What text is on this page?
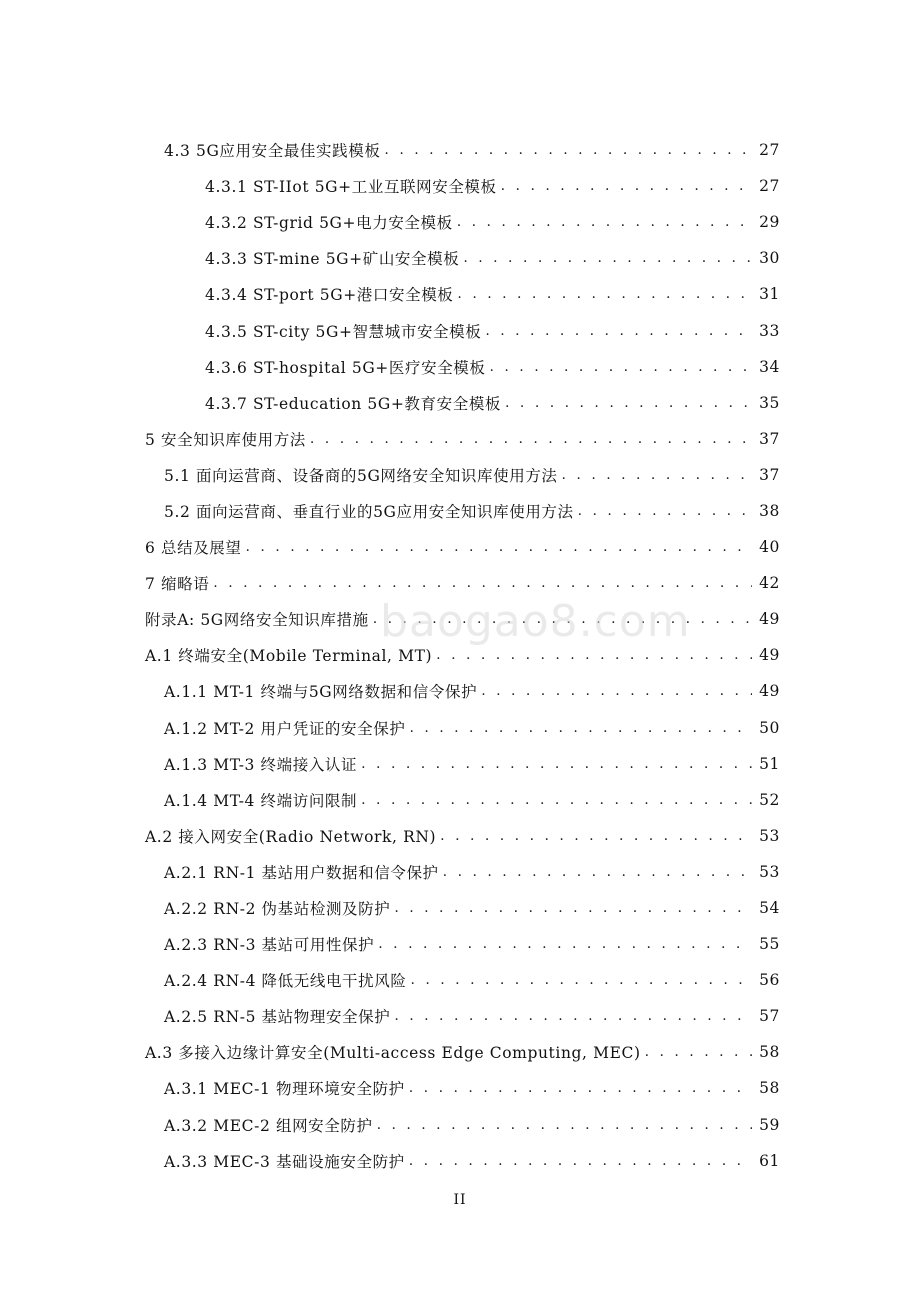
4.3 5G应用安全最佳实践模板 . . .	27
4.3.1 ST-IIot 5G+工业互联网安全模板 . . .	27
4.3.2 ST-grid 5G+电力安全模板 . . .	29
4.3.3 ST-mine 5G+矿山安全模板 . . .	30
4.3.4 ST-port 5G+港口安全模板 . . .	31
4.3.5 ST-city 5G+智慧城市安全模板 . . .	33
4.3.6 ST-hospital 5G+医疗安全模板 . . .	34
4.3.7 ST-education 5G+教育安全模板 . . .	35
5 安全知识库使用方法 . . .	37
5.1 面向运营商、设备商的5G网络安全知识库使用方法 . . .	37
5.2 面向运营商、垂直行业的5G应用安全知识库使用方法 . . .	38
6 总结及展望 . . .	40
7 缩略语 . . .	42
附录A: 5G网络安全知识库措施 . . .	49
A.1 终端安全(Mobile Terminal, MT) . . .	49
A.1.1 MT-1 终端与5G网络数据和信令保护 . . .	49
A.1.2 MT-2 用户凭证的安全保护 . . .	50
A.1.3 MT-3 终端接入认证 . . .	51
A.1.4 MT-4 终端访问限制 . . .	52
A.2 接入网安全(Radio Network, RN) . . .	53
A.2.1 RN-1 基站用户数据和信令保护 . . .	53
A.2.2 RN-2 伪基站检测及防护 . . .	54
A.2.3 RN-3 基站可用性保护 . . .	55
A.2.4 RN-4 降低无线电干扰风险 . . .	56
A.2.5 RN-5 基站物理安全保护 . . .	57
A.3 多接入边缘计算安全(Multi-access Edge Computing, MEC) . . .	58
A.3.1 MEC-1 物理环境安全防护 . . .	58
A.3.2 MEC-2 组网安全防护 . . .	59
A.3.3 MEC-3 基础设施安全防护 . . .	61
baogao8.com
II
